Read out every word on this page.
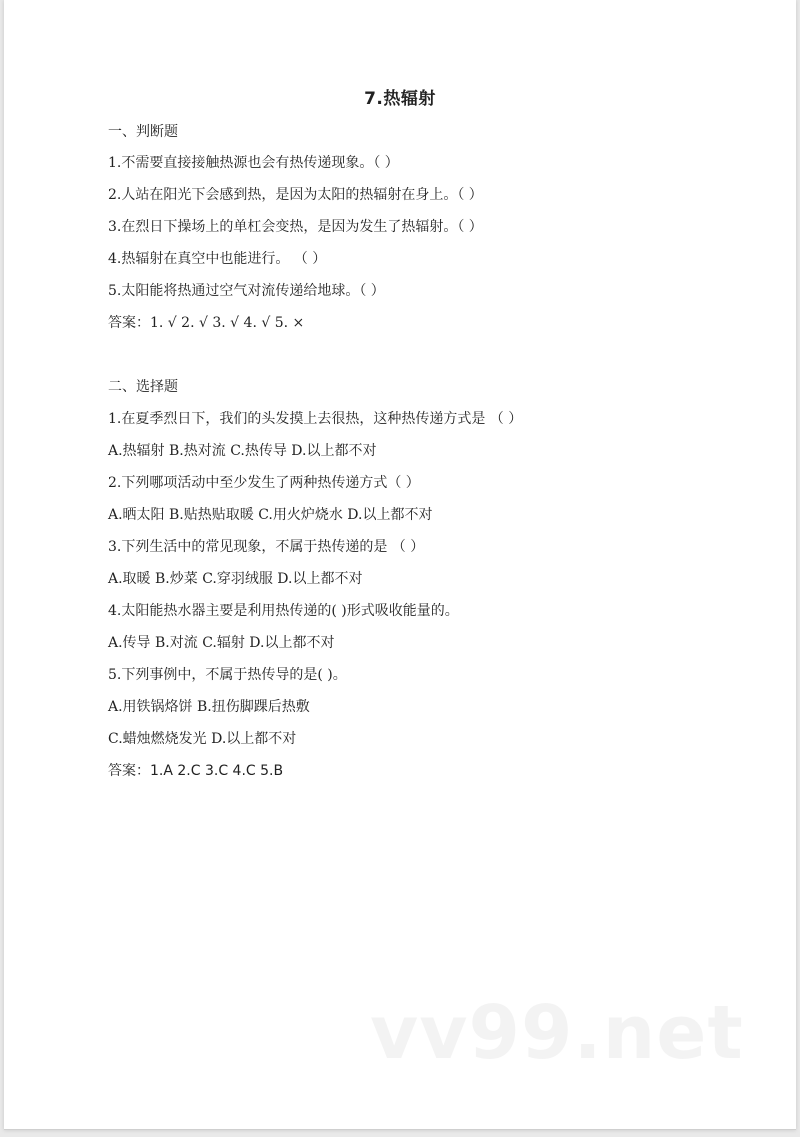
7.热辐射
一、判断题
1.不需要直接接触热源也会有热传递现象。（ ）
2.人站在阳光下会感到热，是因为太阳的热辐射在身上。（ ）
3.在烈日下操场上的单杠会变热，是因为发生了热辐射。（ ）
4.热辐射在真空中也能进行。 （ ）
5.太阳能将热通过空气对流传递给地球。（ ）
答案：1. √ 2. √ 3. √ 4. √ 5. ×
二、选择题
1.在夏季烈日下，我们的头发摸上去很热，这种热传递方式是 （ ）
A.热辐射 B.热对流 C.热传导 D.以上都不对
2.下列哪项活动中至少发生了两种热传递方式（ ）
A.晒太阳 B.贴热贴取暖 C.用火炉烧水 D.以上都不对
3.下列生活中的常见现象，不属于热传递的是 （ ）
A.取暖 B.炒菜 C.穿羽绒服 D.以上都不对
4.太阳能热水器主要是利用热传递的( )形式吸收能量的。
A.传导 B.对流 C.辐射 D.以上都不对
5.下列事例中，不属于热传导的是( )。
A.用铁锅烙饼 B.扭伤脚踝后热敷
C.蜡烛燃烧发光 D.以上都不对
答案：1.A 2.C 3.C 4.C 5.B
